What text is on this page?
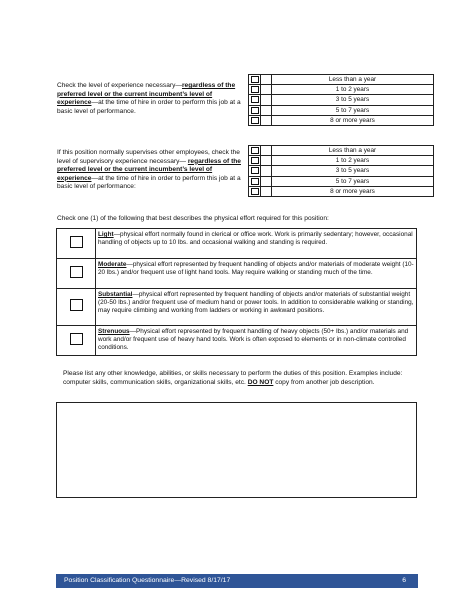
Check the level of experience necessary—regardless of the preferred level or the current incumbent’s level of experience—at the time of hire in order to perform this job at a basic level of performance.
		Less than a year
		1 to 2 years
		3 to 5 years
		5 to 7 years
		8 or more years
If this position normally supervises other employees, check the level of supervisory experience necessary— regardless of the preferred level or the current incumbent’s level of experience—at the time of hire in order to perform this job at a basic level of performance:
		Less than a year
		1 to 2 years
		3 to 5 years
		5 to 7 years
		8 or more years
Check one (1) of the following that best describes the physical effort required for this position:
	Light—physical effort normally found in clerical or office work. Work is primarily sedentary; however, occasional handling of objects up to 10 lbs. and occasional walking and standing is required.
	Moderate—physical effort represented by frequent handling of objects and/or materials of moderate weight (10-20 lbs.) and/or frequent use of light hand tools. May require walking or standing much of the time.
	Substantial—physical effort represented by frequent handling of objects and/or materials of substantial weight (20-50 lbs.) and/or frequent use of medium hand or power tools. In addition to considerable walking or standing, may require climbing and working from ladders or working in awkward positions.
	Strenuous—Physical effort represented by frequent handling of heavy objects (50+ lbs.) and/or materials and work and/or frequent use of heavy hand tools. Work is often exposed to elements or in non-climate controlled conditions.
Please list any other knowledge, abilities, or skills necessary to perform the duties of this position. Examples include: computer skills, communication skills, organizational skills, etc. DO NOT copy from another job description.
Position Classification Questionnaire—Revised 8/17/17	6
